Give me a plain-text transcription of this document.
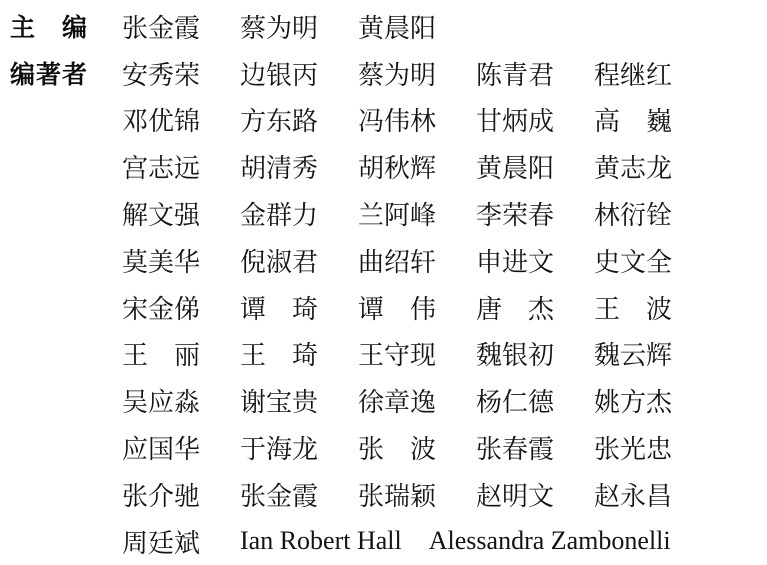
主　编 张金霞 蔡为明 黄晨阳
编著者 安秀荣 边银丙 蔡为明 陈青君 程继红
邓优锦 方东路 冯伟林 甘炳成 高　巍
宫志远 胡清秀 胡秋辉 黄晨阳 黄志龙
解文强 金群力 兰阿峰 李荣春 林衍铨
莫美华 倪淑君 曲绍轩 申进文 史文全
宋金俤 谭　琦 谭　伟 唐　杰 王　波
王　丽 王　琦 王守现 魏银初 魏云辉
吴应淼 谢宝贵 徐章逸 杨仁德 姚方杰
应国华 于海龙 张　波 张春霞 张光忠
张介驰 张金霞 张瑞颖 赵明文 赵永昌
周廷斌 Ian Robert Hall Alessandra Zambonelli
